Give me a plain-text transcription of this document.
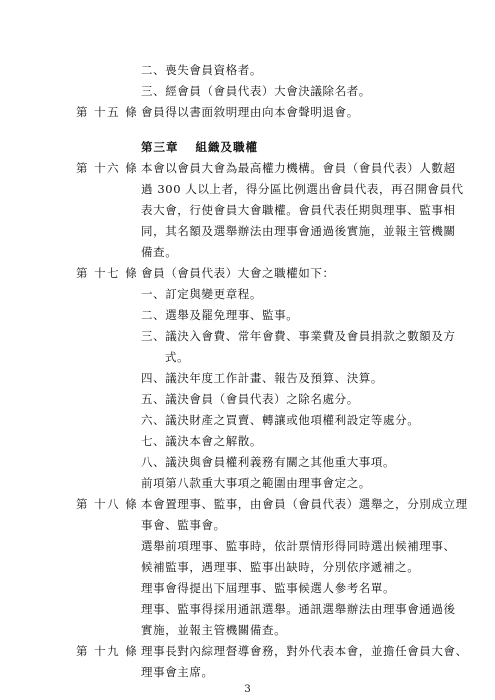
二、喪失會員資格者。
三、經會員（會員代表）大會決議除名者。
第 十五 條 會員得以書面敘明理由向本會聲明退會。
第三章 組織及職權
第 十六 條 本會以會員大會為最高權力機構。會員（會員代表）人數超
過 300 人以上者，得分區比例選出會員代表，再召開會員代
表大會，行使會員大會職權。會員代表任期與理事、監事相
同，其名額及選舉辦法由理事會通過後實施，並報主管機關
備查。
第 十七 條 會員（會員代表）大會之職權如下：
一、訂定與變更章程。
二、選舉及罷免理事、監事。
三、議決入會費、常年會費、事業費及會員捐款之數額及方
式。
四、議決年度工作計畫、報告及預算、決算。
五、議決會員（會員代表）之除名處分。
六、議決財產之買賣、轉讓或他項權利設定等處分。
七、議決本會之解散。
八、議決與會員權利義務有關之其他重大事項。
前項第八款重大事項之範圍由理事會定之。
第 十八 條 本會置理事、監事，由會員（會員代表）選舉之，分別成立理
事會、監事會。
選舉前項理事、監事時，依計票情形得同時選出候補理事、
候補監事，遇理事、監事出缺時，分別依序遞補之。
理事會得提出下屆理事、監事候選人參考名單。
理事、監事得採用通訊選舉。通訊選舉辦法由理事會通過後
實施，並報主管機關備查。
第 十九 條 理事長對內綜理督導會務，對外代表本會，並擔任會員大會、
理事會主席。
3
